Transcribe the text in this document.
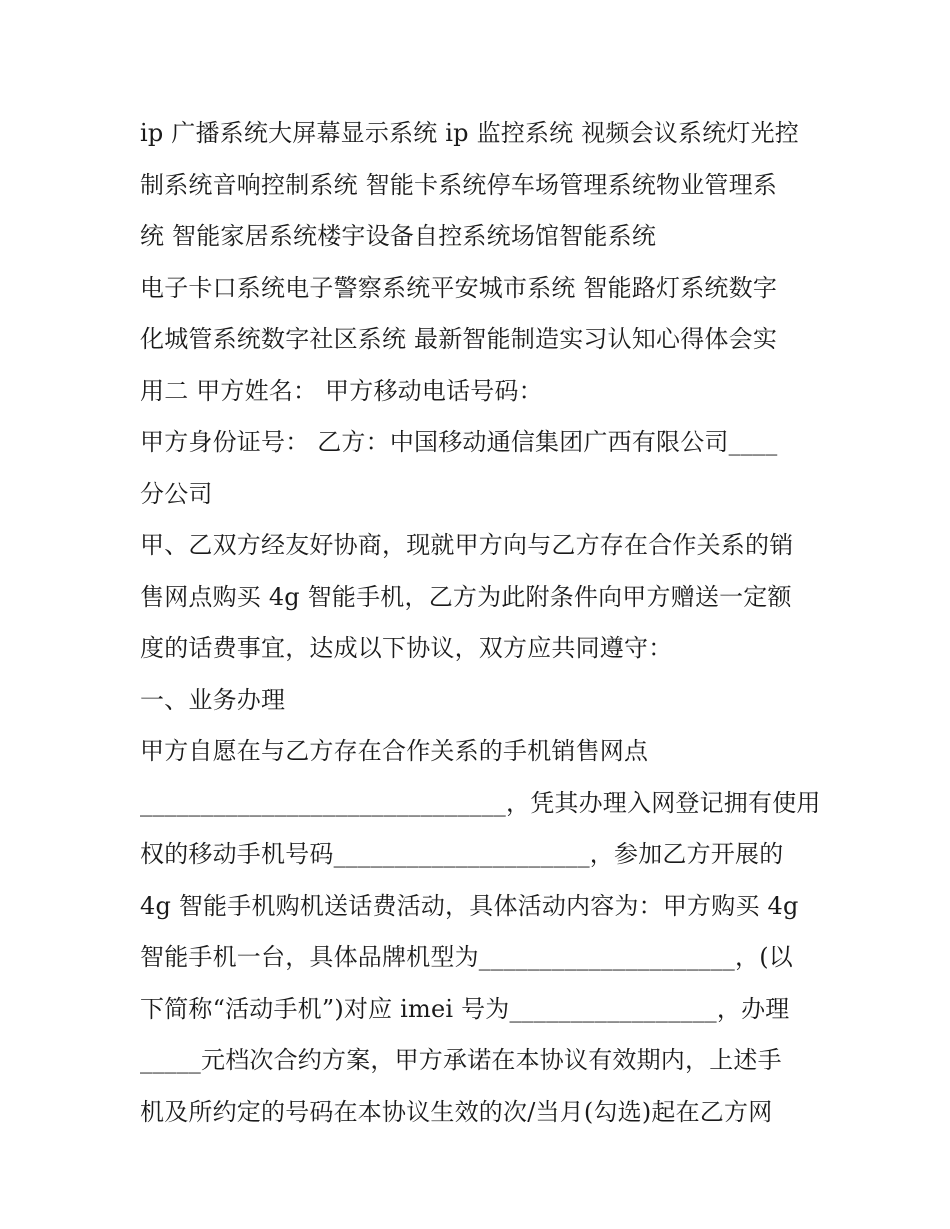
ip 广播系统大屏幕显示系统 ip 监控系统 视频会议系统灯光控
制系统音响控制系统 智能卡系统停车场管理系统物业管理系
统 智能家居系统楼宇设备自控系统场馆智能系统
电子卡口系统电子警察系统平安城市系统 智能路灯系统数字
化城管系统数字社区系统 最新智能制造实习认知心得体会实
用二 甲方姓名： 甲方移动电话号码：
甲方身份证号： 乙方：中国移动通信集团广西有限公司____
分公司
甲、乙双方经友好协商，现就甲方向与乙方存在合作关系的销
售网点购买 4g 智能手机，乙方为此附条件向甲方赠送一定额
度的话费事宜，达成以下协议，双方应共同遵守：
一、业务办理
甲方自愿在与乙方存在合作关系的手机销售网点
______________________________，凭其办理入网登记拥有使用
权的移动手机号码_____________________，参加乙方开展的
4g 智能手机购机送话费活动，具体活动内容为：甲方购买 4g
智能手机一台，具体品牌机型为_____________________，(以
下简称“活动手机”)对应 imei 号为_________________，办理
_____元档次合约方案，甲方承诺在本协议有效期内，上述手
机及所约定的号码在本协议生效的次/当月(勾选)起在乙方网
